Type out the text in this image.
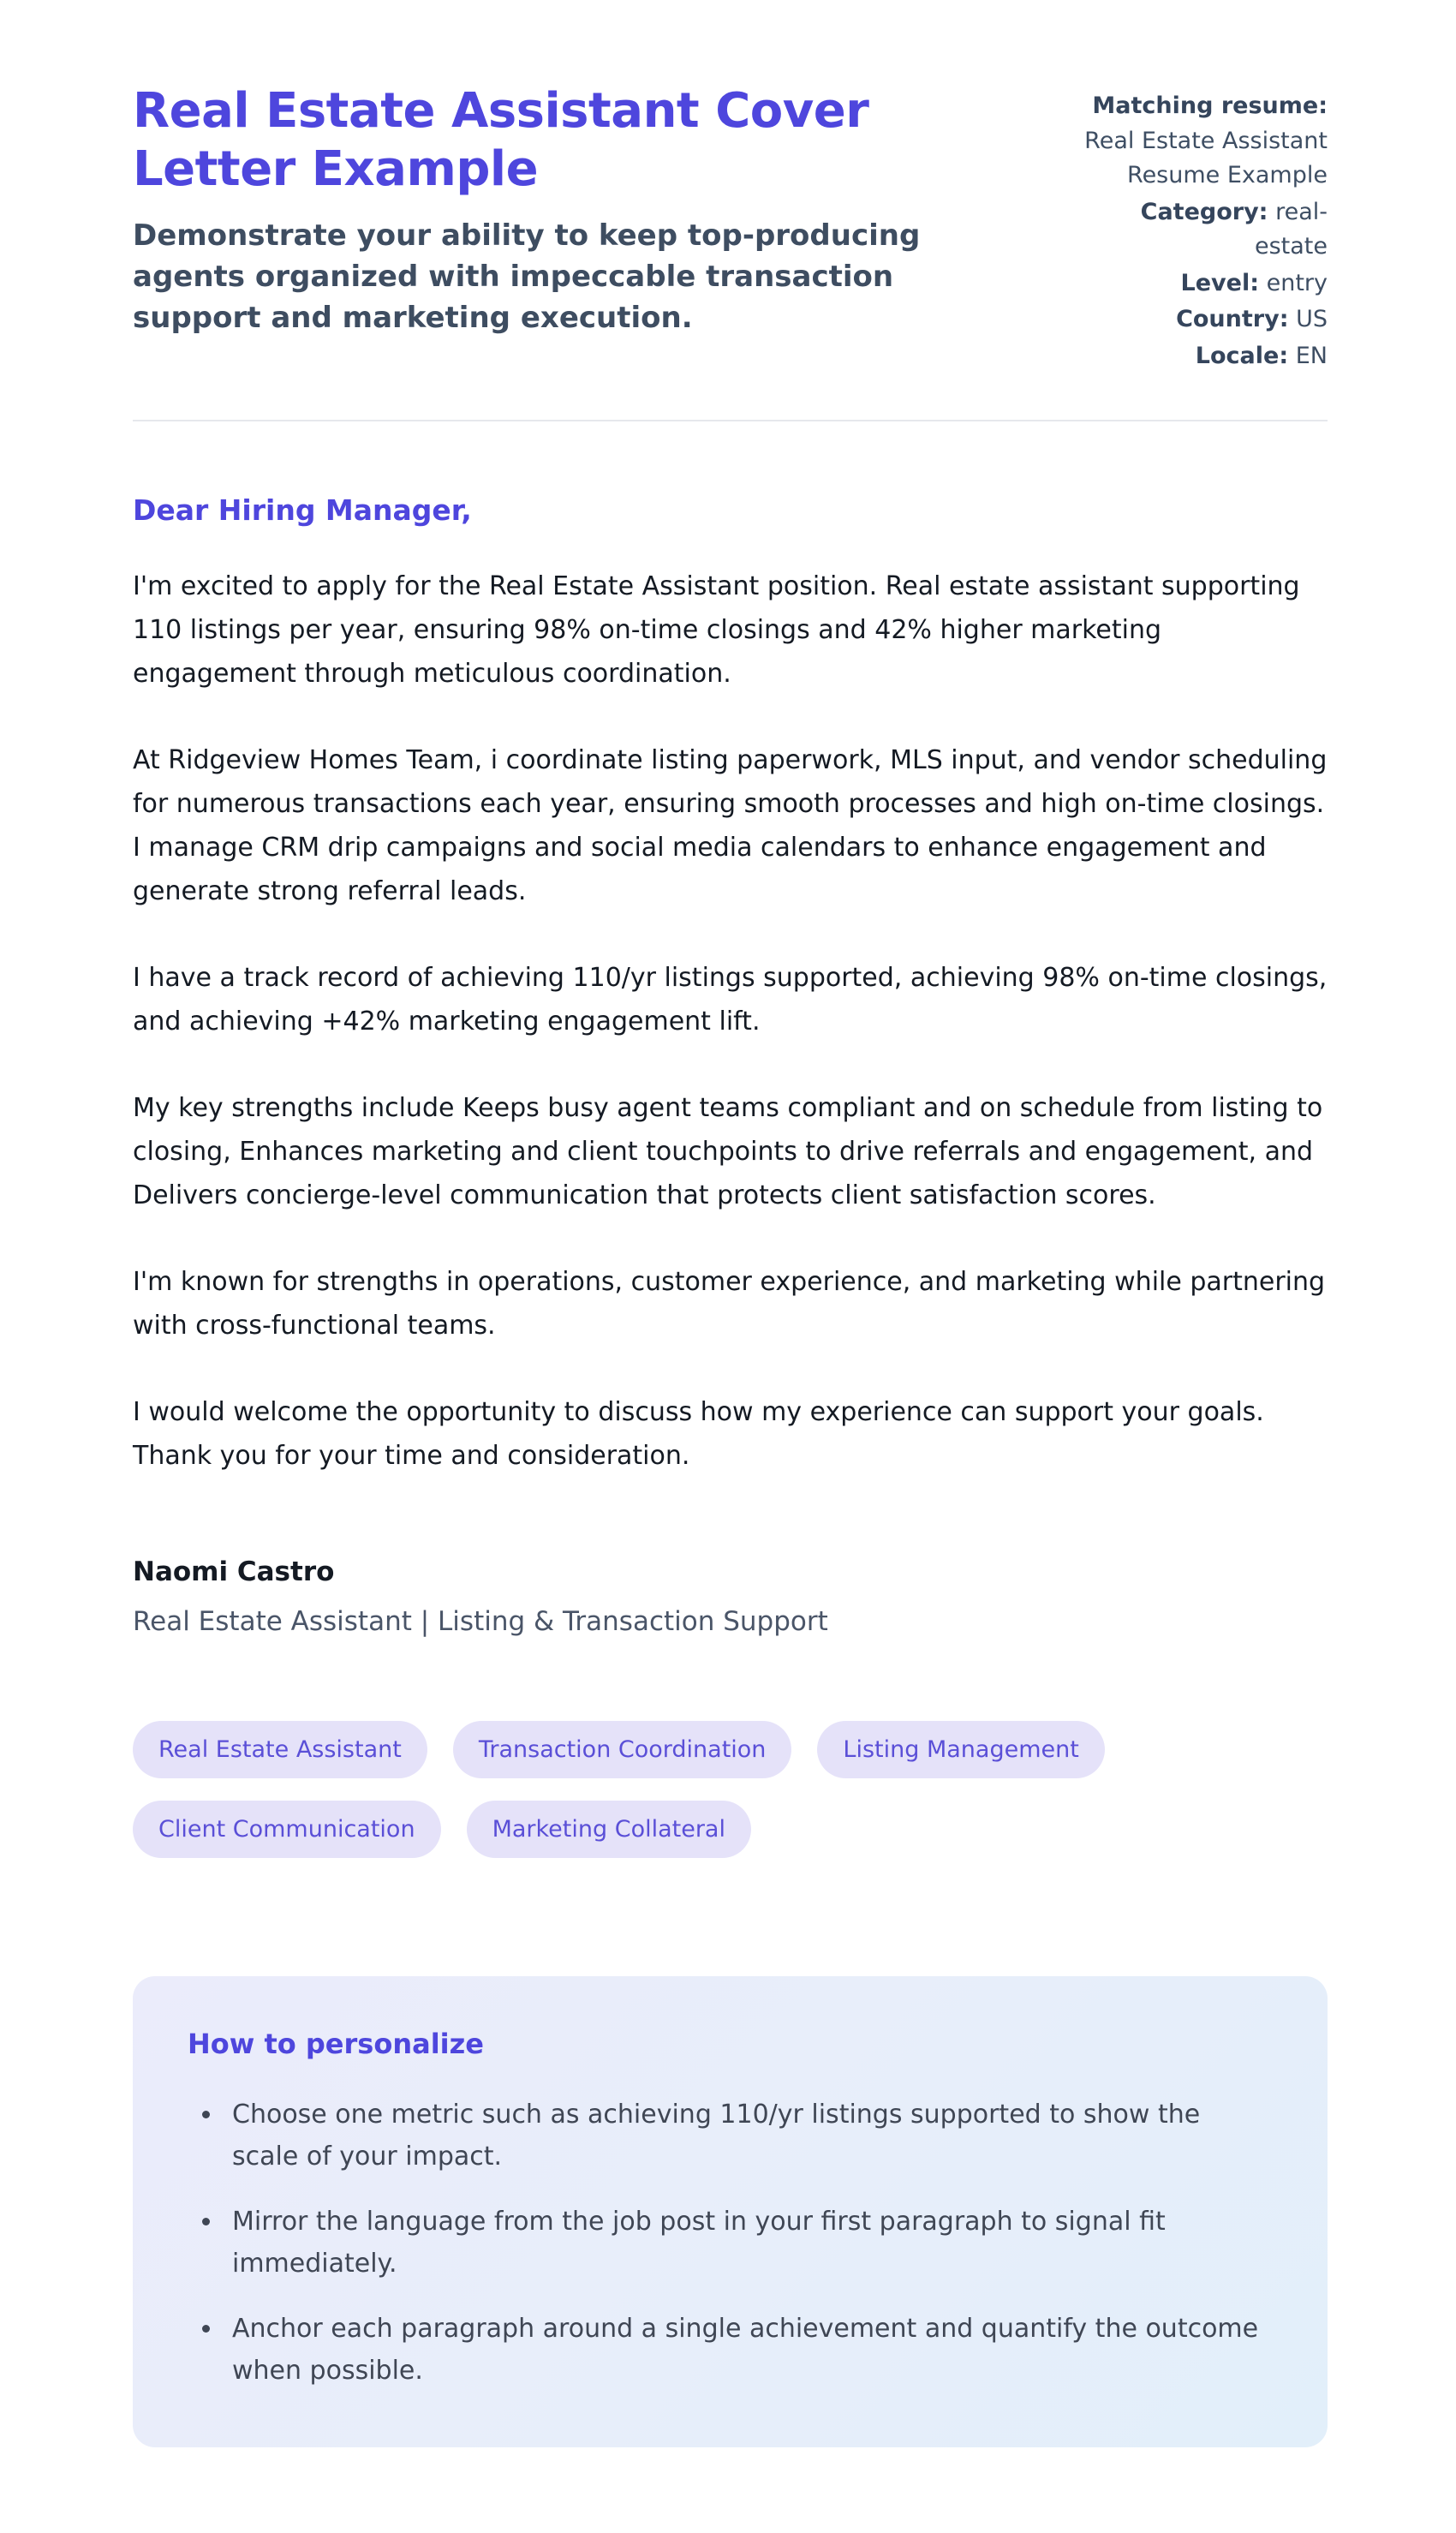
Real Estate Assistant Cover Letter Example
Demonstrate your ability to keep top-producing agents organized with impeccable transaction support and marketing execution.
Matching resume: Real Estate Assistant Resume Example
Category: real-estate
Level: entry
Country: US
Locale: EN
Dear Hiring Manager,

I'm excited to apply for the Real Estate Assistant position. Real estate assistant supporting 110 listings per year, ensuring 98% on-time closings and 42% higher marketing engagement through meticulous coordination.

At Ridgeview Homes Team, i coordinate listing paperwork, MLS input, and vendor scheduling for numerous transactions each year, ensuring smooth processes and high on-time closings. I manage CRM drip campaigns and social media calendars to enhance engagement and generate strong referral leads.

I have a track record of achieving 110/yr listings supported, achieving 98% on-time closings, and achieving +42% marketing engagement lift.

My key strengths include Keeps busy agent teams compliant and on schedule from listing to closing, Enhances marketing and client touchpoints to drive referrals and engagement, and Delivers concierge-level communication that protects client satisfaction scores.

I'm known for strengths in operations, customer experience, and marketing while partnering with cross-functional teams.

I would welcome the opportunity to discuss how my experience can support your goals. Thank you for your time and consideration.

Naomi Castro
Real Estate Assistant | Listing & Transaction Support
Real Estate Assistant	Transaction Coordination	Listing Management
Client Communication	Marketing Collateral
How to personalize
• Choose one metric such as achieving 110/yr listings supported to show the scale of your impact.
• Mirror the language from the job post in your first paragraph to signal fit immediately.
• Anchor each paragraph around a single achievement and quantify the outcome when possible.
